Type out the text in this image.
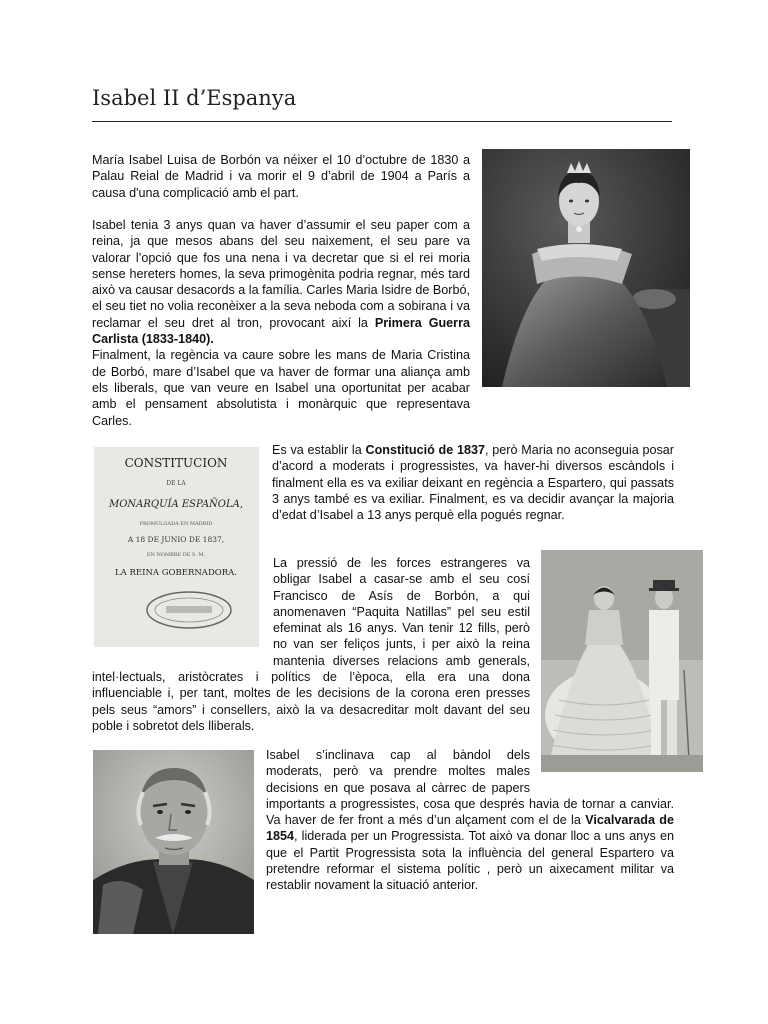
Isabel II d’Espanya

María Isabel Luisa de Borbón va néixer el 10 d’octubre de 1830 a Palau Reial de Madrid i va morir el 9 d’abril de 1904 a París a causa d'una complicació amb el part.

Isabel tenia 3 anys quan va haver d’assumir el seu paper com a reina, ja que mesos abans del seu naixement, el seu pare va valorar l’opció que fos una nena i va decretar que si el rei moria sense hereters homes, la seva primogènita podria regnar, més tard això va causar desacords a la família. Carles Maria Isidre de Borbó, el seu tiet no volia reconèixer a la seva neboda com a sobirana i va reclamar el seu dret al tron, provocant així la Primera Guerra Carlista (1833-1840).
Finalment, la regència va caure sobre les mans de Maria Cristina de Borbó, mare d’Isabel que va haver de formar una aliança amb els liberals, que van veure en Isabel una oportunitat per acabar amb el pensament absolutista i monàrquic que representava Carles.
CONSTITUCION
DE LA
MONARQUÍA ESPAÑOLA,
PROMULGADA EN MADRID
A 18 DE JUNIO DE 1837,
EN NOMBRE DE S. M.
LA REINA GOBERNADORA.
Es va establir la Constitució de 1837, però Maria no aconseguia posar d’acord a moderats i progressistes, va haver-hi diversos escàndols i finalment ella es va exiliar deixant en regència a Espartero, qui passats 3 anys també es va exiliar. Finalment, es va decidir avançar la majoria d’edat d’Isabel a 13 anys perquè ella pogués regnar.
La pressió de les forces estrangeres va
obligar Isabel a casar-se amb el seu cosí
Francisco de Asís de Borbón, a qui
anomenaven “Paquita Natillas” pel seu estil
efeminat als 16 anys. Van tenir 12 fills, però
no van ser feliços junts, i per això la reina
mantenia diverses relacions amb generals,
intel·lectuals, aristòcrates i polítics de l’època, ella era una dona
influenciable i, per tant, moltes de les decisions de la corona eren presses
pels seus “amors” i consellers, això la va desacreditar molt davant del seu
poble i sobretot dels lliberals.
Isabel s’inclinava cap al bàndol dels
moderats, però va prendre moltes males
decisions en que posava al càrrec de papers
importants a progressistes, cosa que després havia de tornar a canviar.
Va haver de fer front a més d’un alçament com el de la Vicalvarada de 1854, liderada per un Progressista. Tot això va donar lloc a uns anys en que el Partit Progressista sota la influència del general Espartero va pretendre reformar el sistema polític , però un aixecament militar va restablir novament la situació anterior.
